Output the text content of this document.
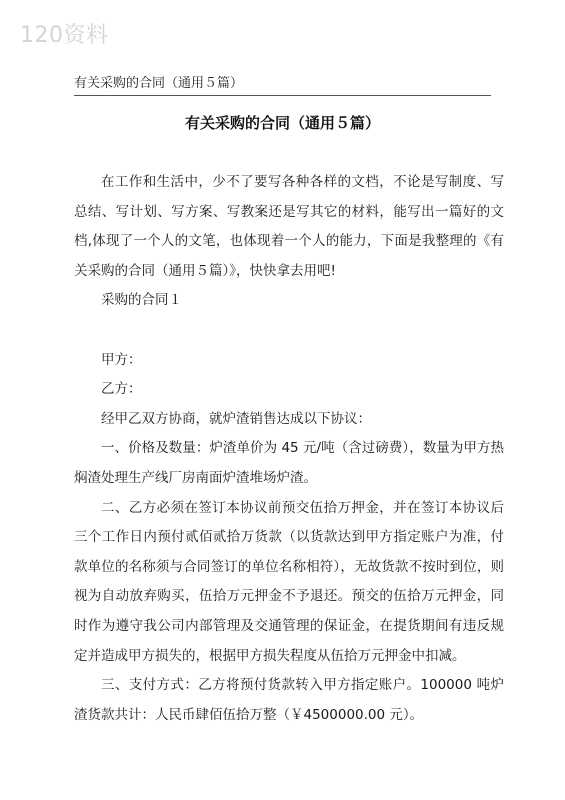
120资料
有关采购的合同（通用５篇）
有关采购的合同（通用５篇）

在工作和生活中，少不了要写各种各样的文档，不论是写制度、写总结、写计划、写方案、写教案还是写其它的材料，能写出一篇好的文档,体现了一个人的文笔，也体现着一个人的能力，下面是我整理的《有关采购的合同（通用５篇）》，快快拿去用吧!

采购的合同１

甲方：

乙方：

经甲乙双方协商，就炉渣销售达成以下协议：

一、价格及数量：炉渣单价为 45 元/吨（含过磅费），数量为甲方热焖渣处理生产线厂房南面炉渣堆场炉渣。

二、乙方必须在签订本协议前预交伍拾万押金，并在签订本协议后三个工作日内预付贰佰贰拾万货款（以货款达到甲方指定账户为准，付款单位的名称须与合同签订的单位名称相符），无故货款不按时到位，则视为自动放弃购买，伍拾万元押金不予退还。预交的伍拾万元押金，同时作为遵守我公司内部管理及交通管理的保证金，在提货期间有违反规定并造成甲方损失的，根据甲方损失程度从伍拾万元押金中扣减。

三、支付方式：乙方将预付货款转入甲方指定账户。100000 吨炉渣货款共计：人民币肆佰伍拾万整（￥4500000.00 元）。
